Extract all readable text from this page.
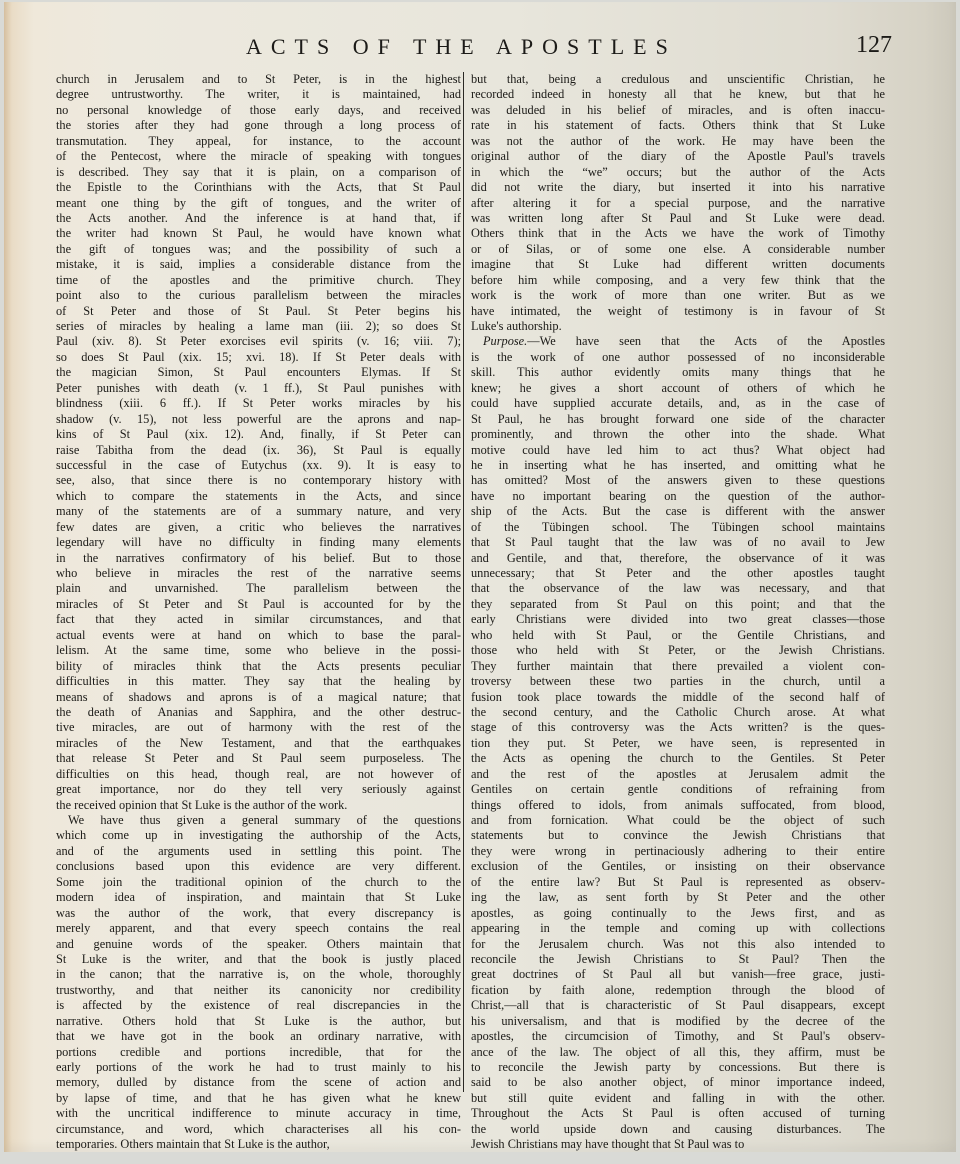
ACTS OF THE APOSTLES	127
church in Jerusalem and to St Peter, is in the highest
degree untrustworthy. The writer, it is maintained, had
no personal knowledge of those early days, and received
the stories after they had gone through a long process of
transmutation. They appeal, for instance, to the account
of the Pentecost, where the miracle of speaking with tongues
is described. They say that it is plain, on a comparison of
the Epistle to the Corinthians with the Acts, that St Paul
meant one thing by the gift of tongues, and the writer of
the Acts another. And the inference is at hand that, if
the writer had known St Paul, he would have known what
the gift of tongues was; and the possibility of such a
mistake, it is said, implies a considerable distance from the
time of the apostles and the primitive church. They
point also to the curious parallelism between the miracles
of St Peter and those of St Paul. St Peter begins his
series of miracles by healing a lame man (iii. 2); so does St
Paul (xiv. 8). St Peter exorcises evil spirits (v. 16; viii. 7);
so does St Paul (xix. 15; xvi. 18). If St Peter deals with
the magician Simon, St Paul encounters Elymas. If St
Peter punishes with death (v. 1 ff.), St Paul punishes with
blindness (xiii. 6 ff.). If St Peter works miracles by his
shadow (v. 15), not less powerful are the aprons and nap-
kins of St Paul (xix. 12). And, finally, if St Peter can
raise Tabitha from the dead (ix. 36), St Paul is equally
successful in the case of Eutychus (xx. 9). It is easy to
see, also, that since there is no contemporary history with
which to compare the statements in the Acts, and since
many of the statements are of a summary nature, and very
few dates are given, a critic who believes the narratives
legendary will have no difficulty in finding many elements
in the narratives confirmatory of his belief. But to those
who believe in miracles the rest of the narrative seems
plain and unvarnished. The parallelism between the
miracles of St Peter and St Paul is accounted for by the
fact that they acted in similar circumstances, and that
actual events were at hand on which to base the paral-
lelism. At the same time, some who believe in the possi-
bility of miracles think that the Acts presents peculiar
difficulties in this matter. They say that the healing by
means of shadows and aprons is of a magical nature; that
the death of Ananias and Sapphira, and the other destruc-
tive miracles, are out of harmony with the rest of the
miracles of the New Testament, and that the earthquakes
that release St Peter and St Paul seem purposeless. The
difficulties on this head, though real, are not however of
great importance, nor do they tell very seriously against
the received opinion that St Luke is the author of the work.
We have thus given a general summary of the questions
which come up in investigating the authorship of the Acts,
and of the arguments used in settling this point. The
conclusions based upon this evidence are very different.
Some join the traditional opinion of the church to the
modern idea of inspiration, and maintain that St Luke
was the author of the work, that every discrepancy is
merely apparent, and that every speech contains the real
and genuine words of the speaker. Others maintain that
St Luke is the writer, and that the book is justly placed
in the canon; that the narrative is, on the whole, thoroughly
trustworthy, and that neither its canonicity nor credibility
is affected by the existence of real discrepancies in the
narrative. Others hold that St Luke is the author, but
that we have got in the book an ordinary narrative, with
portions credible and portions incredible, that for the
early portions of the work he had to trust mainly to his
memory, dulled by distance from the scene of action and
by lapse of time, and that he has given what he knew
with the uncritical indifference to minute accuracy in time,
circumstance, and word, which characterises all his con-
temporaries. Others maintain that St Luke is the author,
but that, being a credulous and unscientific Christian, he
recorded indeed in honesty all that he knew, but that he
was deluded in his belief of miracles, and is often inaccu-
rate in his statement of facts. Others think that St Luke
was not the author of the work. He may have been the
original author of the diary of the Apostle Paul's travels
in which the “we” occurs; but the author of the Acts
did not write the diary, but inserted it into his narrative
after altering it for a special purpose, and the narrative
was written long after St Paul and St Luke were dead.
Others think that in the Acts we have the work of Timothy
or of Silas, or of some one else. A considerable number
imagine that St Luke had different written documents
before him while composing, and a very few think that the
work is the work of more than one writer. But as we
have intimated, the weight of testimony is in favour of St
Luke's authorship.
Purpose.—We have seen that the Acts of the Apostles
is the work of one author possessed of no inconsiderable
skill. This author evidently omits many things that he
knew; he gives a short account of others of which he
could have supplied accurate details, and, as in the case of
St Paul, he has brought forward one side of the character
prominently, and thrown the other into the shade. What
motive could have led him to act thus? What object had
he in inserting what he has inserted, and omitting what he
has omitted? Most of the answers given to these questions
have no important bearing on the question of the author-
ship of the Acts. But the case is different with the answer
of the Tübingen school. The Tübingen school maintains
that St Paul taught that the law was of no avail to Jew
and Gentile, and that, therefore, the observance of it was
unnecessary; that St Peter and the other apostles taught
that the observance of the law was necessary, and that
they separated from St Paul on this point; and that the
early Christians were divided into two great classes—those
who held with St Paul, or the Gentile Christians, and
those who held with St Peter, or the Jewish Christians.
They further maintain that there prevailed a violent con-
troversy between these two parties in the church, until a
fusion took place towards the middle of the second half of
the second century, and the Catholic Church arose. At what
stage of this controversy was the Acts written? is the ques-
tion they put. St Peter, we have seen, is represented in
the Acts as opening the church to the Gentiles. St Peter
and the rest of the apostles at Jerusalem admit the
Gentiles on certain gentle conditions of refraining from
things offered to idols, from animals suffocated, from blood,
and from fornication. What could be the object of such
statements but to convince the Jewish Christians that
they were wrong in pertinaciously adhering to their entire
exclusion of the Gentiles, or insisting on their observance
of the entire law? But St Paul is represented as observ-
ing the law, as sent forth by St Peter and the other
apostles, as going continually to the Jews first, and as
appearing in the temple and coming up with collections
for the Jerusalem church. Was not this also intended to
reconcile the Jewish Christians to St Paul? Then the
great doctrines of St Paul all but vanish—free grace, justi-
fication by faith alone, redemption through the blood of
Christ,—all that is characteristic of St Paul disappears, except
his universalism, and that is modified by the decree of the
apostles, the circumcision of Timothy, and St Paul's observ-
ance of the law. The object of all this, they affirm, must be
to reconcile the Jewish party by concessions. But there is
said to be also another object, of minor importance indeed,
but still quite evident and falling in with the other.
Throughout the Acts St Paul is often accused of turning
the world upside down and causing disturbances. The
Jewish Christians may have thought that St Paul was to
